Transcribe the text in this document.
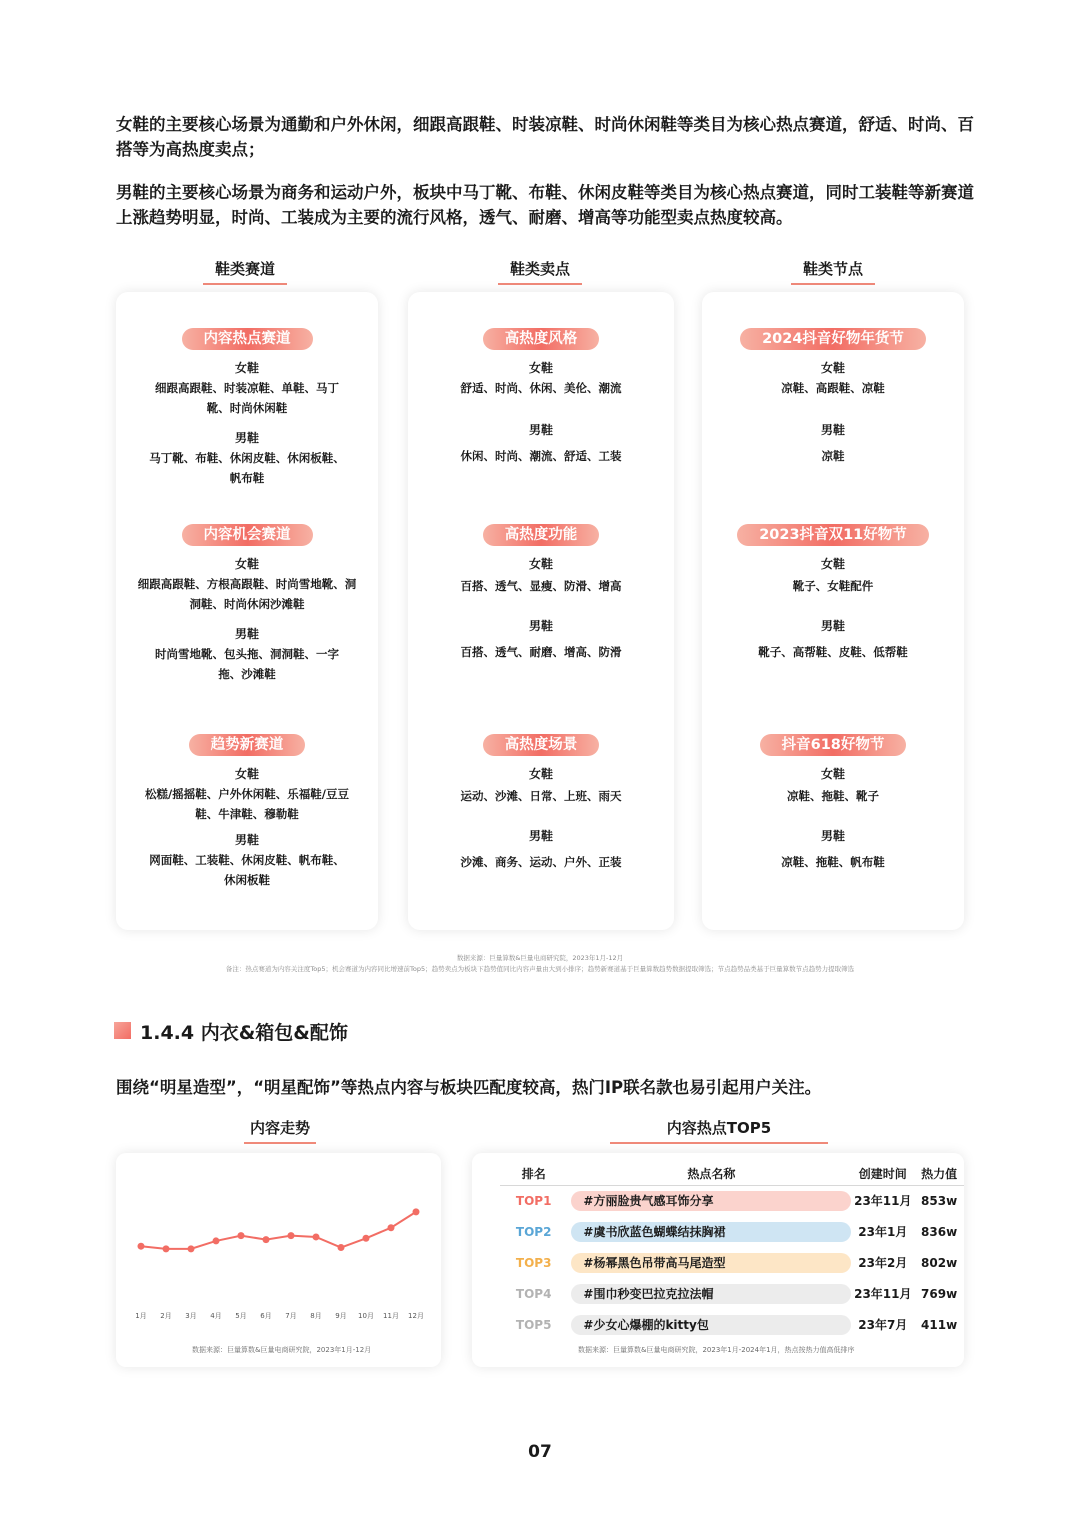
女鞋的主要核心场景为通勤和户外休闲，细跟高跟鞋、时装凉鞋、时尚休闲鞋等类目为核心热点赛道，舒适、时尚、百搭等为高热度卖点；

男鞋的主要核心场景为商务和运动户外，板块中马丁靴、布鞋、休闲皮鞋等类目为核心热点赛道，同时工装鞋等新赛道上涨趋势明显，时尚、工装成为主要的流行风格，透气、耐磨、增高等功能型卖点热度较高。

鞋类赛道	鞋类卖点	鞋类节点
内容热点赛道
女鞋
细跟高跟鞋、时装凉鞋、单鞋、马丁靴、时尚休闲鞋
男鞋
马丁靴、布鞋、休闲皮鞋、休闲板鞋、帆布鞋
内容机会赛道
女鞋
细跟高跟鞋、方根高跟鞋、时尚雪地靴、洞洞鞋、时尚休闲沙滩鞋
男鞋
时尚雪地靴、包头拖、洞洞鞋、一字拖、沙滩鞋
趋势新赛道
女鞋
松糕/摇摇鞋、户外休闲鞋、乐福鞋/豆豆鞋、牛津鞋、穆勒鞋
男鞋
网面鞋、工装鞋、休闲皮鞋、帆布鞋、休闲板鞋
高热度风格
女鞋
舒适、时尚、休闲、美伦、潮流
男鞋
休闲、时尚、潮流、舒适、工装
高热度功能
女鞋
百搭、透气、显瘦、防滑、增高
男鞋
百搭、透气、耐磨、增高、防滑
高热度场景
女鞋
运动、沙滩、日常、上班、雨天
男鞋
沙滩、商务、运动、户外、正装
2024抖音好物年货节
女鞋
凉鞋、高跟鞋、凉鞋
男鞋
凉鞋
2023抖音双11好物节
女鞋
靴子、女鞋配件
男鞋
靴子、高帮鞋、皮鞋、低帮鞋
抖音618好物节
女鞋
凉鞋、拖鞋、靴子
男鞋
凉鞋、拖鞋、帆布鞋
数据来源：巨量算数&巨量电商研究院，2023年1月-12月
备注：热点赛道为内容关注度Top5；机会赛道为内容同比增速前Top5；趋势卖点为板块下趋势值同比内容声量由大到小排序；趋势新赛道基于巨量算数趋势数据提取筛选；节点趋势品类基于巨量算数节点趋势力提取筛选
1.4.4 内衣&箱包&配饰

围绕“明星造型”，“明星配饰”等热点内容与板块匹配度较高，热门IP联名款也易引起用户关注。

内容走势	内容热点TOP5
1月 2月 3月 4月 5月 6月 7月 8月 9月 10月 11月 12月
数据来源：巨量算数&巨量电商研究院，2023年1月-12月
排名	热点名称	创建时间	热力值
TOP1	#方丽脸贵气感耳饰分享	23年11月	853w
TOP2	#虞书欣蓝色蝴蝶结抹胸裙	23年1月	836w
TOP3	#杨幂黑色吊带高马尾造型	23年2月	802w
TOP4	#围巾秒变巴拉克拉法帽	23年11月	769w
TOP5	#少女心爆棚的kitty包	23年7月	411w
数据来源：巨量算数&巨量电商研究院，2023年1月-2024年1月，热点按热力值高低排序
07
